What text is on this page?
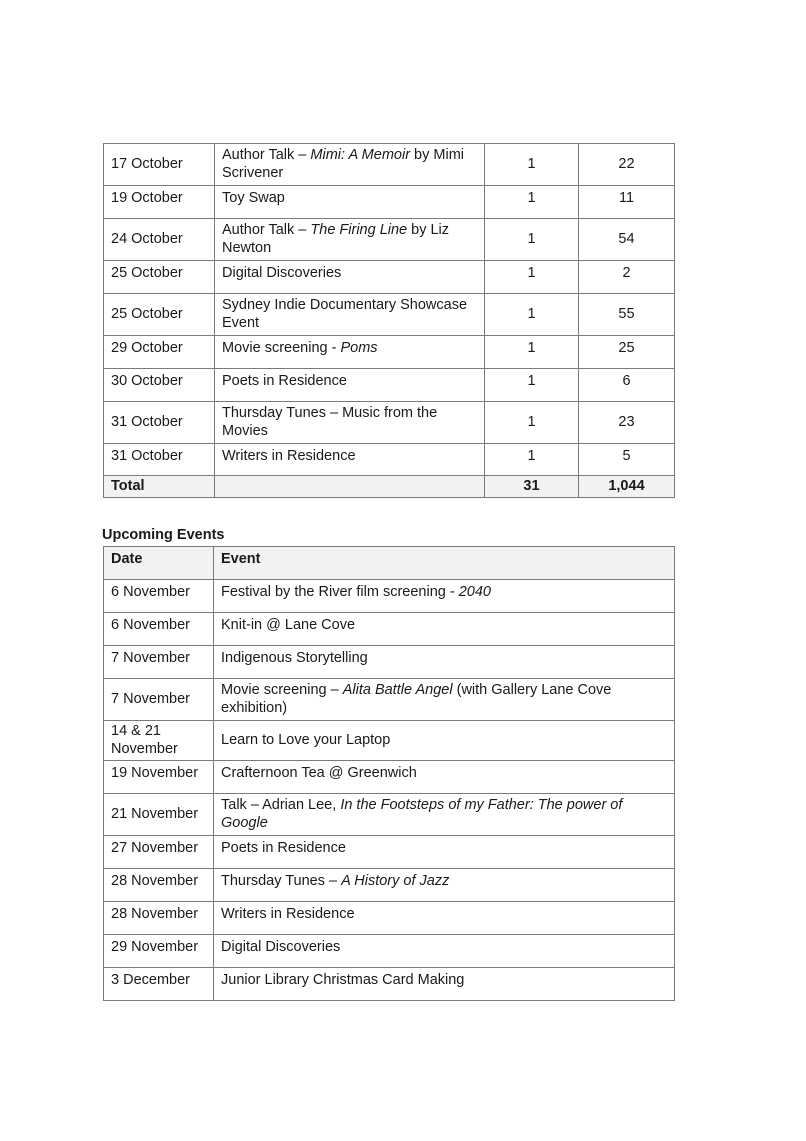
17 October	Author Talk – Mimi: A Memoir by Mimi Scrivener	1	22
19 October	Toy Swap	1	11
24 October	Author Talk – The Firing Line by Liz Newton	1	54
25 October	Digital Discoveries	1	2
25 October	Sydney Indie Documentary Showcase Event	1	55
29 October	Movie screening - Poms	1	25
30 October	Poets in Residence	1	6
31 October	Thursday Tunes – Music from the Movies	1	23
31 October	Writers in Residence	1	5
Total		31	1,044
Upcoming Events
Date	Event
6 November	Festival by the River film screening - 2040
6 November	Knit-in @ Lane Cove
7 November	Indigenous Storytelling
7 November	Movie screening – Alita Battle Angel (with Gallery Lane Cove exhibition)
14 & 21 November	Learn to Love your Laptop
19 November	Crafternoon Tea @ Greenwich
21 November	Talk – Adrian Lee, In the Footsteps of my Father: The power of Google
27 November	Poets in Residence
28 November	Thursday Tunes – A History of Jazz
28 November	Writers in Residence
29 November	Digital Discoveries
3 December	Junior Library Christmas Card Making
